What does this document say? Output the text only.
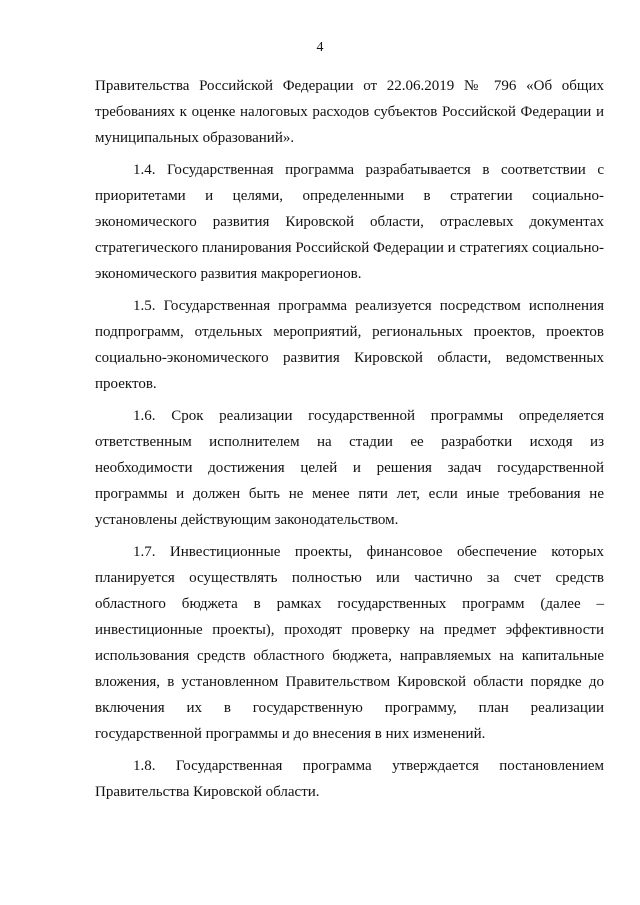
4

Правительства Российской Федерации от 22.06.2019 № 796 «Об общих требованиях к оценке налоговых расходов субъектов Российской Федерации и муниципальных образований».

1.4. Государственная программа разрабатывается в соответствии с приоритетами и целями, определенными в стратегии социально-экономического развития Кировской области, отраслевых документах стратегического планирования Российской Федерации и стратегиях социально-экономического развития макрорегионов.

1.5. Государственная программа реализуется посредством исполнения подпрограмм, отдельных мероприятий, региональных проектов, проектов социально-экономического развития Кировской области, ведомственных проектов.

1.6. Срок реализации государственной программы определяется ответственным исполнителем на стадии ее разработки исходя из необходимости достижения целей и решения задач государственной программы и должен быть не менее пяти лет, если иные требования не установлены действующим законодательством.

1.7. Инвестиционные проекты, финансовое обеспечение которых планируется осуществлять полностью или частично за счет средств областного бюджета в рамках государственных программ (далее – инвестиционные проекты), проходят проверку на предмет эффективности использования средств областного бюджета, направляемых на капитальные вложения, в установленном Правительством Кировской области порядке до включения их в государственную программу, план реализации государственной программы и до внесения в них изменений.

1.8. Государственная программа утверждается постановлением Правительства Кировской области.
